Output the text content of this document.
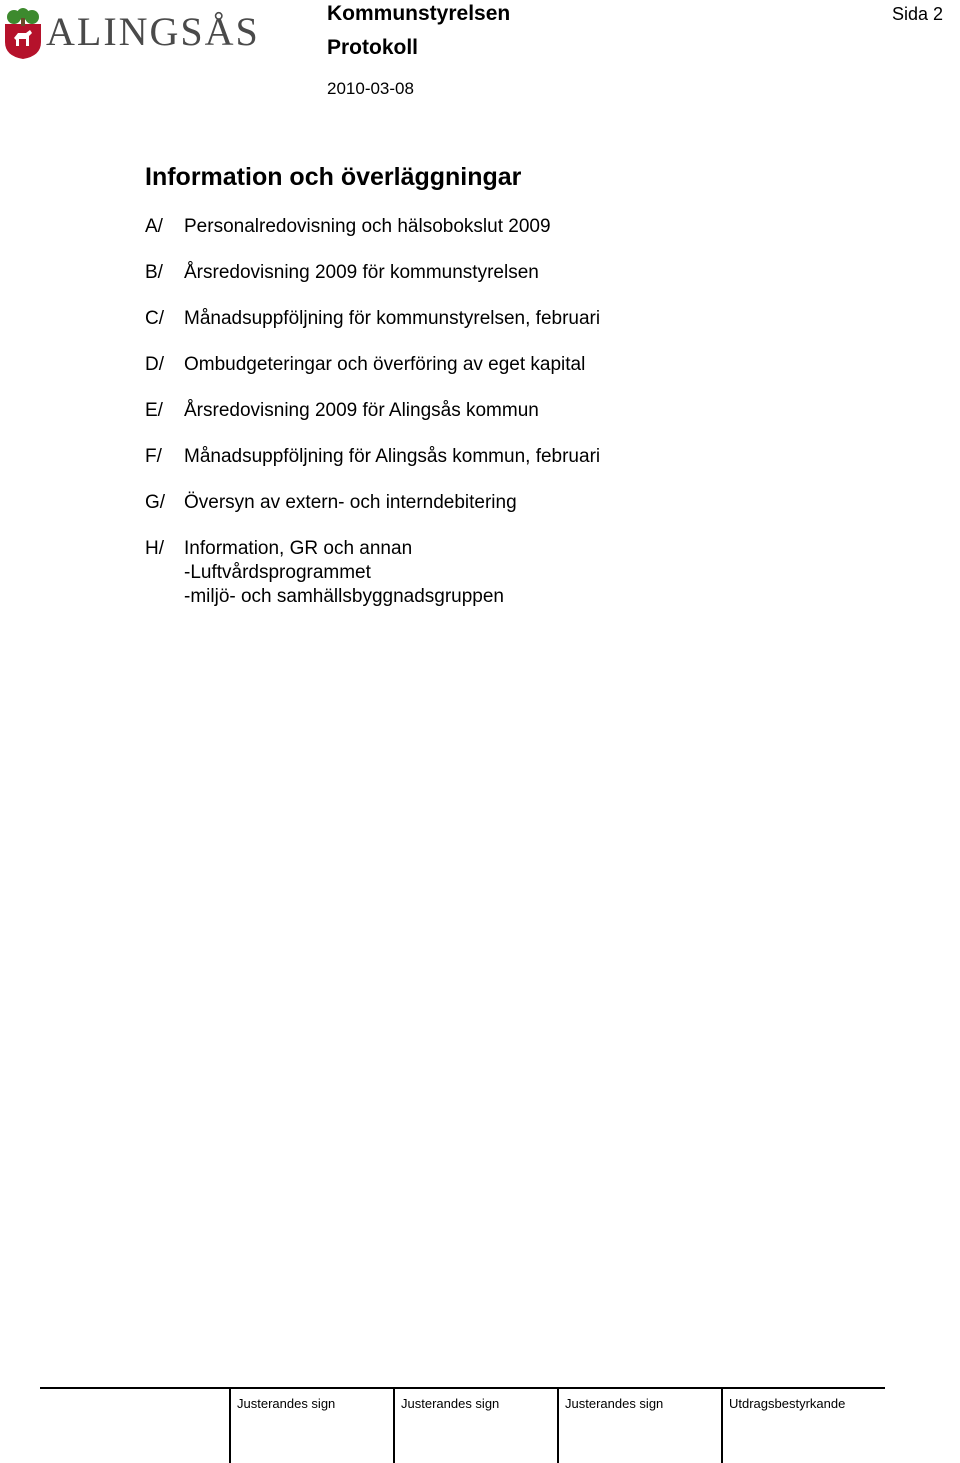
ALINGSÅS	Kommunstyrelsen
Protokoll
2010-03-08
Sida 2
Information och överläggningar
A/	Personalredovisning och hälsobokslut 2009
B/	Årsredovisning 2009 för kommunstyrelsen
C/	Månadsuppföljning för kommunstyrelsen, februari
D/	Ombudgeteringar och överföring av eget kapital
E/	Årsredovisning 2009 för Alingsås kommun
F/	Månadsuppföljning för Alingsås kommun, februari
G/ Översyn av extern- och interndebitering
H/	Information, GR och annan
-Luftvårdsprogrammet
-miljö- och samhällsbyggnadsgruppen
Justerandes sign	Justerandes sign	Justerandes sign	Utdragsbestyrkande
